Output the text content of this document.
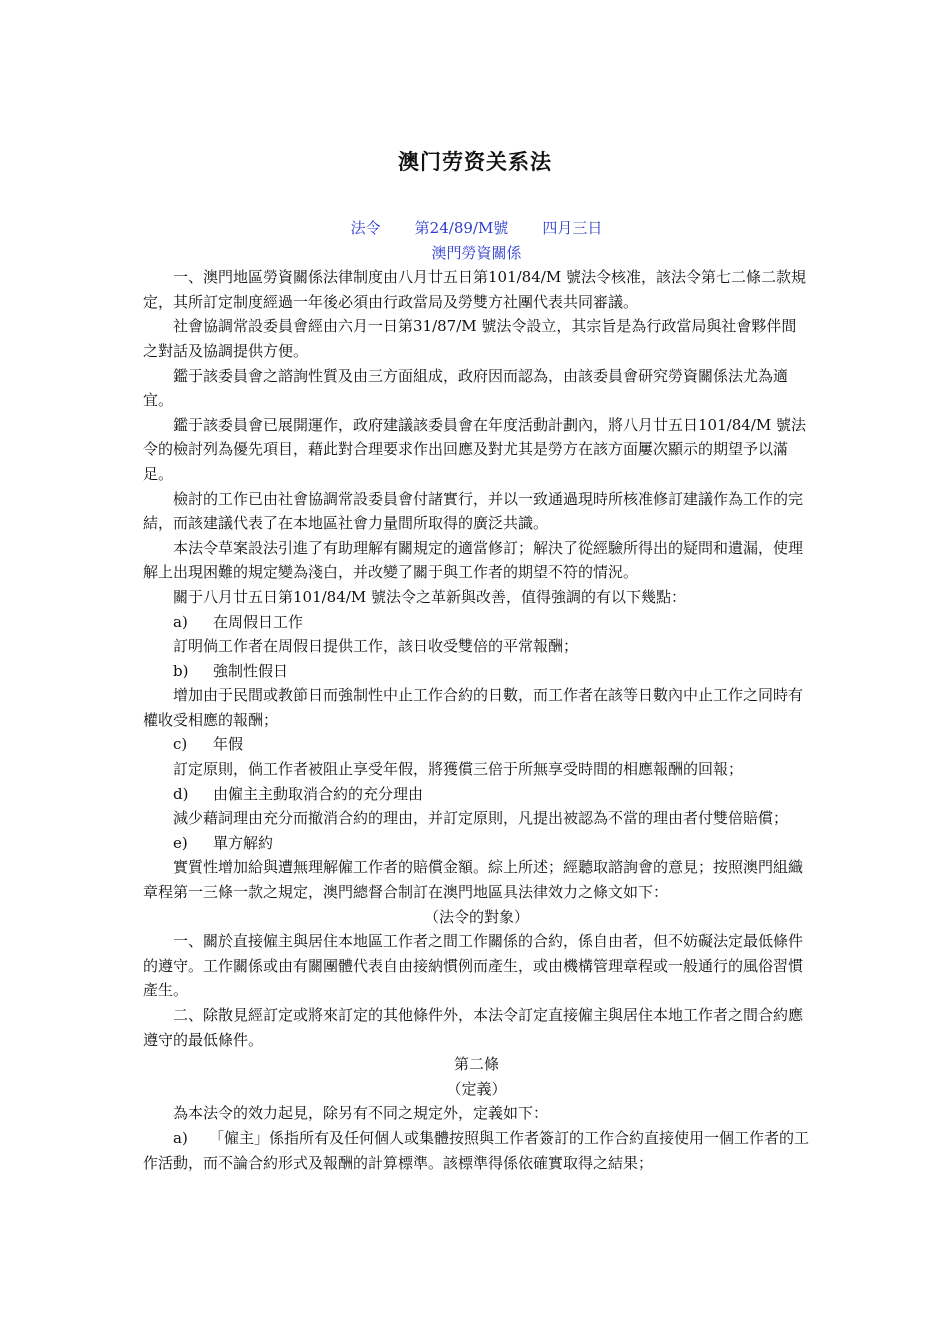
澳门劳资关系法

法令 第24/89/M號 四月三日

澳門勞資關係

一、澳門地區勞資關係法律制度由八月廿五日第101/84/M 號法令核准，該法令第七二條二款規定，其所訂定制度經過一年後必須由行政當局及勞雙方社團代表共同審議。

社會協調常設委員會經由六月一日第31/87/M 號法令設立，其宗旨是為行政當局與社會夥伴間之對話及協調提供方便。

鑑于該委員會之諮詢性質及由三方面組成，政府因而認為，由該委員會研究勞資關係法尤為適宜。

鑑于該委員會已展開運作，政府建議該委員會在年度活動計劃內，將八月廿五日101/84/M 號法令的檢討列為優先項目，藉此對合理要求作出回應及對尤其是勞方在該方面屢次顯示的期望予以滿足。

檢討的工作已由社會協調常設委員會付諸實行，并以一致通過現時所核准修訂建議作為工作的完結，而該建議代表了在本地區社會力量間所取得的廣泛共識。

本法令草案設法引進了有助理解有關規定的適當修訂；解決了從經驗所得出的疑問和遺漏，使理解上出現困難的規定變為淺白，并改變了關于與工作者的期望不符的情況。

關于八月廿五日第101/84/M 號法令之革新與改善，值得強調的有以下幾點：

a) 在周假日工作

訂明倘工作者在周假日提供工作，該日收受雙倍的平常報酬；

b) 強制性假日

增加由于民間或教節日而強制性中止工作合約的日數，而工作者在該等日數內中止工作之同時有權收受相應的報酬；

c) 年假

訂定原則，倘工作者被阻止享受年假，將獲償三倍于所無享受時間的相應報酬的回報；

d) 由僱主主動取消合約的充分理由

減少藉詞理由充分而撤消合約的理由，并訂定原則，凡提出被認為不當的理由者付雙倍賠償；

e) 單方解約

實質性增加給與遭無理解僱工作者的賠償金額。綜上所述；經聽取諮詢會的意見；按照澳門組織章程第一三條一款之規定，澳門總督合制訂在澳門地區具法律效力之條文如下：

（法令的對象）

一、關於直接僱主與居住本地區工作者之間工作關係的合約，係自由者，但不妨礙法定最低條件的遵守。工作關係或由有關團體代表自由接納慣例而產生，或由機構管理章程或一般通行的風俗習慣產生。

二、除散見經訂定或將來訂定的其他條件外，本法令訂定直接僱主與居住本地工作者之間合約應遵守的最低條件。

第二條

（定義）

為本法令的效力起見，除另有不同之規定外，定義如下：

a) 「僱主」係指所有及任何個人或集體按照與工作者簽訂的工作合約直接使用一個工作者的工作活動，而不論合約形式及報酬的計算標準。該標準得係依確實取得之結果；
